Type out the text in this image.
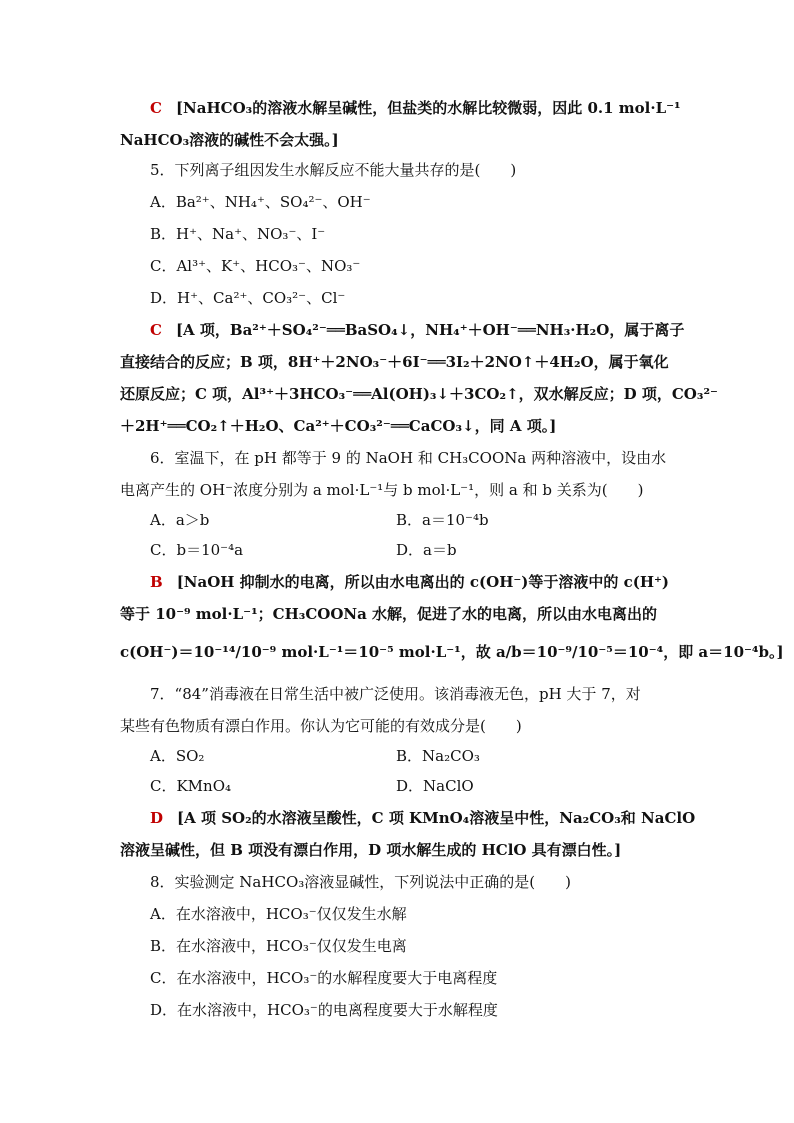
C [NaHCO₃的溶液水解呈碱性，但盐类的水解比较微弱，因此 0.1 mol·L⁻¹
NaHCO₃溶液的碱性不会太强。]
5．下列离子组因发生水解反应不能大量共存的是(　　)
A．Ba²⁺、NH₄⁺、SO₄²⁻、OH⁻
B．H⁺、Na⁺、NO₃⁻、I⁻
C．Al³⁺、K⁺、HCO₃⁻、NO₃⁻
D．H⁺、Ca²⁺、CO₃²⁻、Cl⁻
C [A 项，Ba²⁺＋SO₄²⁻══BaSO₄↓，NH₄⁺＋OH⁻══NH₃·H₂O，属于离子
直接结合的反应；B 项，8H⁺＋2NO₃⁻＋6I⁻══3I₂＋2NO↑＋4H₂O，属于氧化
还原反应；C 项，Al³⁺＋3HCO₃⁻══Al(OH)₃↓＋3CO₂↑，双水解反应；D 项，CO₃²⁻
＋2H⁺══CO₂↑＋H₂O、Ca²⁺＋CO₃²⁻══CaCO₃↓，同 A 项。]
6．室温下，在 pH 都等于 9 的 NaOH 和 CH₃COONa 两种溶液中，设由水
电离产生的 OH⁻浓度分别为 a mol·L⁻¹与 b mol·L⁻¹，则 a 和 b 关系为(　　)
A．a＞b	B．a＝10⁻⁴b
C．b＝10⁻⁴a	D．a＝b
B [NaOH 抑制水的电离，所以由水电离出的 c(OH⁻)等于溶液中的 c(H⁺)
等于 10⁻⁹ mol·L⁻¹；CH₃COONa 水解，促进了水的电离，所以由水电离出的
c(OH⁻)＝10⁻¹⁴/10⁻⁹ mol·L⁻¹＝10⁻⁵ mol·L⁻¹，故 a/b＝10⁻⁹/10⁻⁵＝10⁻⁴，即 a＝10⁻⁴b。]
7．“84”消毒液在日常生活中被广泛使用。该消毒液无色，pH 大于 7，对
某些有色物质有漂白作用。你认为它可能的有效成分是(　　)
A．SO₂	B．Na₂CO₃
C．KMnO₄	D．NaClO
D [A 项 SO₂的水溶液呈酸性，C 项 KMnO₄溶液呈中性，Na₂CO₃和 NaClO
溶液呈碱性，但 B 项没有漂白作用，D 项水解生成的 HClO 具有漂白性。]
8．实验测定 NaHCO₃溶液显碱性，下列说法中正确的是(　　)
A．在水溶液中，HCO₃⁻仅仅发生水解
B．在水溶液中，HCO₃⁻仅仅发生电离
C．在水溶液中，HCO₃⁻的水解程度要大于电离程度
D．在水溶液中，HCO₃⁻的电离程度要大于水解程度
